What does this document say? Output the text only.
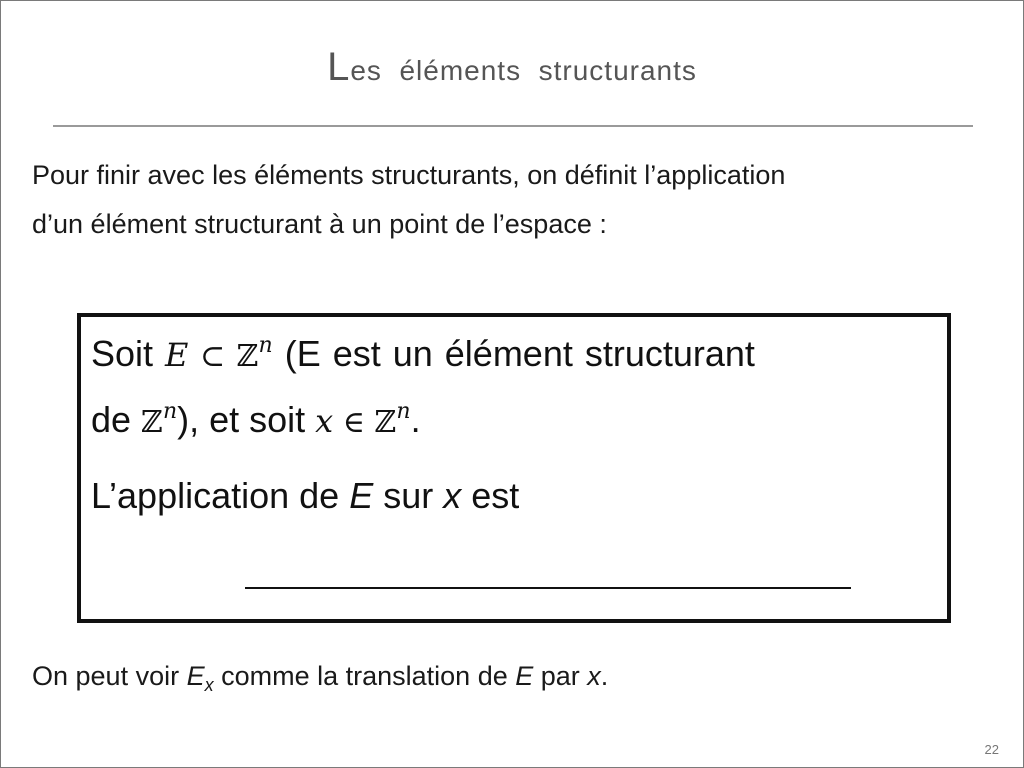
Les  éléments  structurants
Pour finir avec les éléments structurants, on définit l’application
d’un élément structurant à un point de l’espace :
Soit E ⊂ ℤ$^n$ (E est un élément structurant
de ℤ$^n$), et soit x ∈ ℤ$^n$.
L’application de E sur x est
On peut voir $E_x$ comme la translation de E par x.
22
